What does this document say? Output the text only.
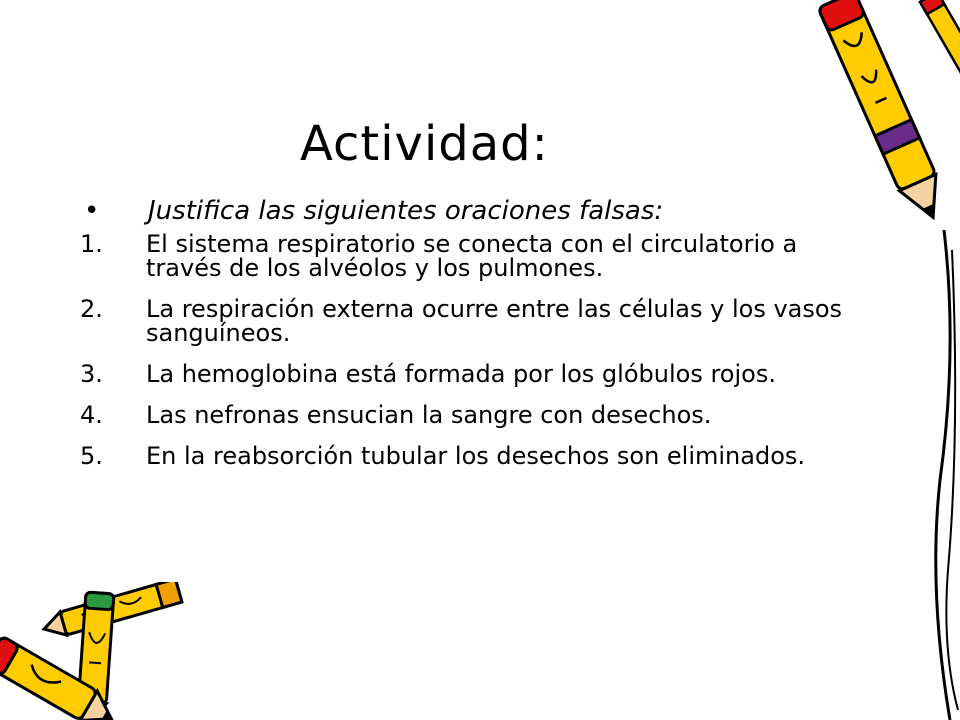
Actividad:
• Justifica las siguientes oraciones falsas:
1. El sistema respiratorio se conecta con el circulatorio a través de los alvéolos y los pulmones.
2. La respiración externa ocurre entre las células y los vasos sanguíneos.
3. La hemoglobina está formada por los glóbulos rojos.
4. Las nefronas ensucian la sangre con desechos.
5. En la reabsorción tubular los desechos son eliminados.
